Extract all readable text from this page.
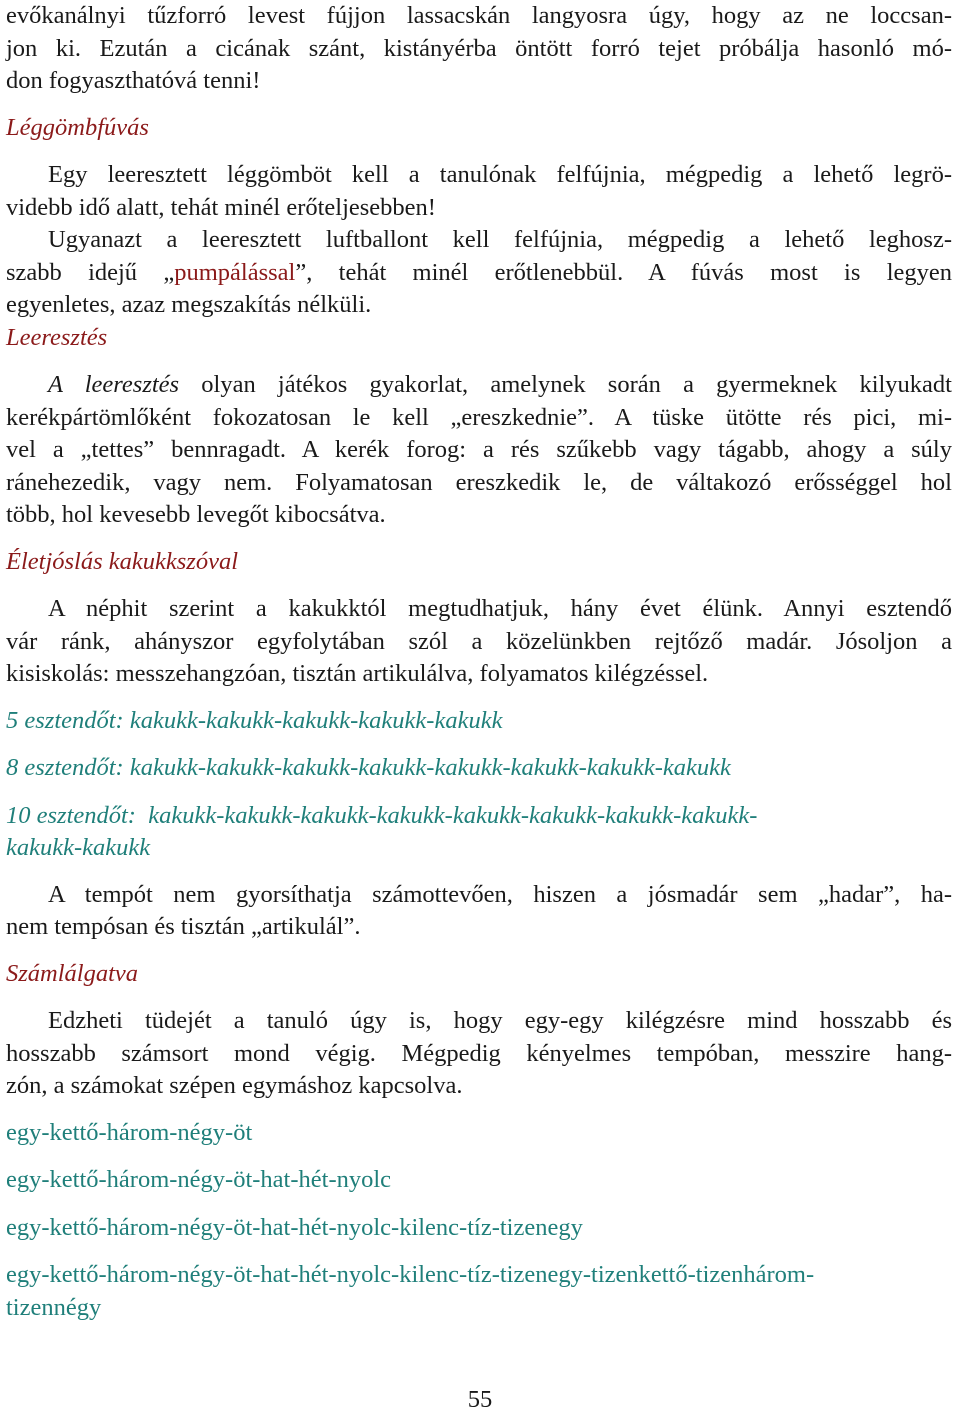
evőkanálnyi tűzforró levest fújjon lassacskán langyosra úgy, hogy az ne loccsan-
jon ki. Ezután a cicának szánt, kistányérba öntött forró tejet próbálja hasonló mó-
don fogyaszthatóvá tenni!
Léggömbfúvás
Egy leeresztett léggömböt kell a tanulónak felfújnia, mégpedig a lehető legrö-
videbb idő alatt, tehát minél erőteljesebben!
Ugyanazt a leeresztett luftballont kell felfújnia, mégpedig a lehető leghosz-
szabb idejű „pumpálással”, tehát minél erőtlenebbül. A fúvás most is legyen
egyenletes, azaz megszakítás nélküli.
Leeresztés
A leeresztés olyan játékos gyakorlat, amelynek során a gyermeknek kilyukadt
kerékpártömlőként fokozatosan le kell „ereszkednie”. A tüske ütötte rés pici, mi-
vel a „tettes” bennragadt. A kerék forog: a rés szűkebb vagy tágabb, ahogy a súly
ránehezedik, vagy nem. Folyamatosan ereszkedik le, de váltakozó erősséggel hol
több, hol kevesebb levegőt kibocsátva.
Életjóslás kakukkszóval
A néphit szerint a kakukktól megtudhatjuk, hány évet élünk. Annyi esztendő
vár ránk, ahányszor egyfolytában szól a közelünkben rejtőző madár. Jósoljon a
kisiskolás: messzehangzóan, tisztán artikulálva, folyamatos kilégzéssel.
5 esztendőt: kakukk-kakukk-kakukk-kakukk-kakukk
8 esztendőt: kakukk-kakukk-kakukk-kakukk-kakukk-kakukk-kakukk-kakukk
10 esztendőt:  kakukk-kakukk-kakukk-kakukk-kakukk-kakukk-kakukk-kakukk-
kakukk-kakukk
A tempót nem gyorsíthatja számottevően, hiszen a jósmadár sem „hadar”, ha-
nem tempósan és tisztán „artikulál”.
Számlálgatva
Edzheti tüdejét a tanuló úgy is, hogy egy-egy kilégzésre mind hosszabb és
hosszabb számsort mond végig. Mégpedig kényelmes tempóban, messzire hang-
zón, a számokat szépen egymáshoz kapcsolva.
egy-kettő-három-négy-öt
egy-kettő-három-négy-öt-hat-hét-nyolc
egy-kettő-három-négy-öt-hat-hét-nyolc-kilenc-tíz-tizenegy
egy-kettő-három-négy-öt-hat-hét-nyolc-kilenc-tíz-tizenegy-tizenkettő-tizenhárom-
tizennégy
55
